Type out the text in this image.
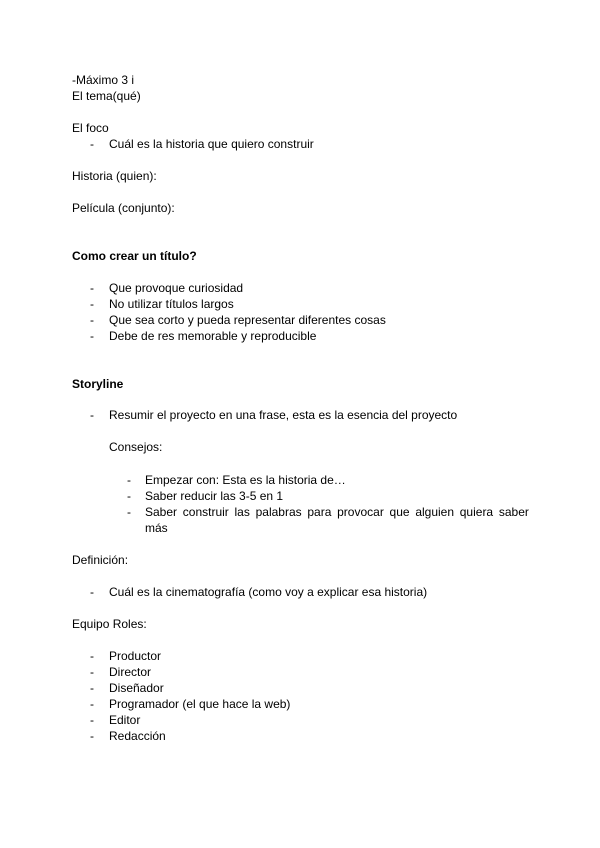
-Máximo 3 i
El tema(qué)
El foco
- Cuál es la historia que quiero construir
Historia (quien):
Película (conjunto):
Como crear un título?
- Que provoque curiosidad
- No utilizar títulos largos
- Que sea corto y pueda representar diferentes cosas
- Debe de res memorable y reproducible
Storyline
- Resumir el proyecto en una frase, esta es la esencia del proyecto
Consejos:
- Empezar con: Esta es la historia de…
- Saber reducir las 3-5 en 1
- Saber construir las palabras para provocar que alguien quiera saber
más
Definición:
- Cuál es la cinematografía (como voy a explicar esa historia)
Equipo Roles:
- Productor
- Director
- Diseñador
- Programador (el que hace la web)
- Editor
- Redacción
